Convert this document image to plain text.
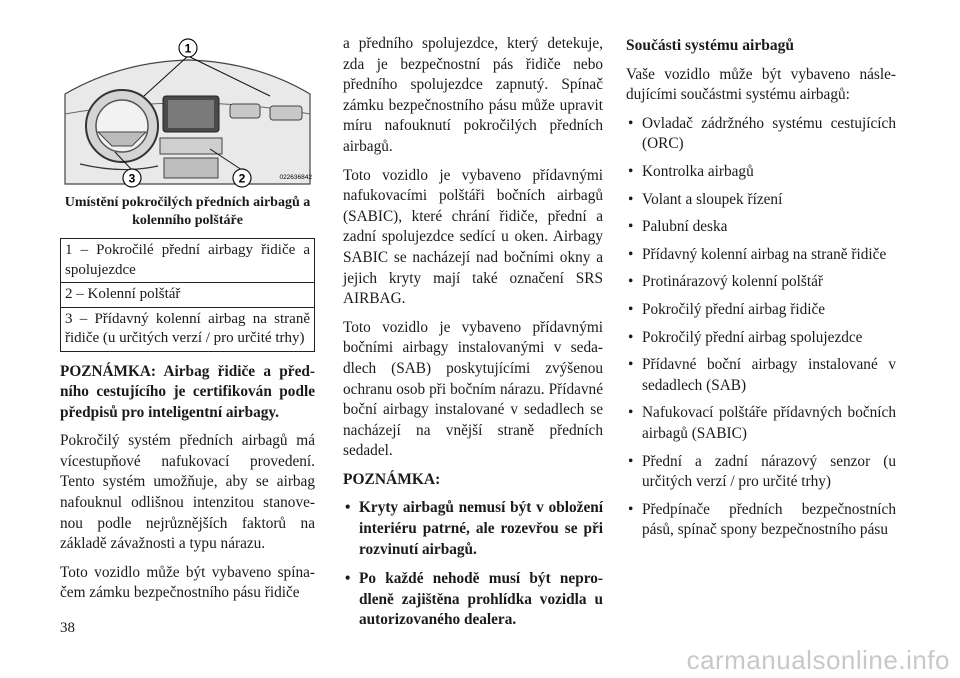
1
2
3	022636842
Umístění pokročilých předních airbagů a kolenního polštáře
1 – Pokročilé přední airbagy řidiče a spolujezdce
2 – Kolenní polštář
3 – Přídavný kolenní airbag na straně řidiče (u určitých verzí / pro určité trhy)

POZNÁMKA: Airbag řidiče a předního cestujícího je certifikován podle předpisů pro inteligentní airbagy.

Pokročilý systém předních airbagů má vícestupňové nafukovací provedení. Tento systém umožňuje, aby se airbag nafouknul odlišnou intenzitou stanovenou podle nejrůznějších faktorů na základě závažnosti a typu nárazu.

Toto vozidlo může být vybaveno spínačem zámku bezpečnostního pásu řidiče

a předního spolujezdce, který detekuje, zda je bezpečnostní pás řidiče nebo předního spolujezdce zapnutý. Spínač zámku bezpečnostního pásu může upravit míru nafouknutí pokročilých předních airbagů.

Toto vozidlo je vybaveno přídavnými nafukovacími polštáři bočních airbagů (SABIC), které chrání řidiče, přední a zadní spolujezdce sedící u oken. Airbagy SABIC se nacházejí nad bočními okny a jejich kryty mají také označení SRS AIRBAG.

Toto vozidlo je vybaveno přídavnými bočními airbagy instalovanými v sedadlech (SAB) poskytujícími zvýšenou ochranu osob při bočním nárazu. Přídavné boční airbagy instalované v sedadlech se nacházejí na vnější straně předních sedadel.

POZNÁMKA:
• Kryty airbagů nemusí být v obložení interiéru patrné, ale rozevřou se při rozvinutí airbagů.
• Po každé nehodě musí být neprodleně zajištěna prohlídka vozidla u autorizovaného dealera.
Součásti systému airbagů

Vaše vozidlo může být vybaveno následujícími součástmi systému airbagů:

• Ovladač zádržného systému cestujících (ORC)
• Kontrolka airbagů
• Volant a sloupek řízení
• Palubní deska
• Přídavný kolenní airbag na straně řidiče
• Protinárazový kolenní polštář
• Pokročilý přední airbag řidiče
• Pokročilý přední airbag spolujezdce
• Přídavné boční airbagy instalované v sedadlech (SAB)
• Nafukovací polštáře přídavných bočních airbagů (SABIC)
• Přední a zadní nárazový senzor (u určitých verzí / pro určité trhy)
• Předpínače předních bezpečnostních pásů, spínač spony bezpečnostního pásu
38
carmanualsonline.info
